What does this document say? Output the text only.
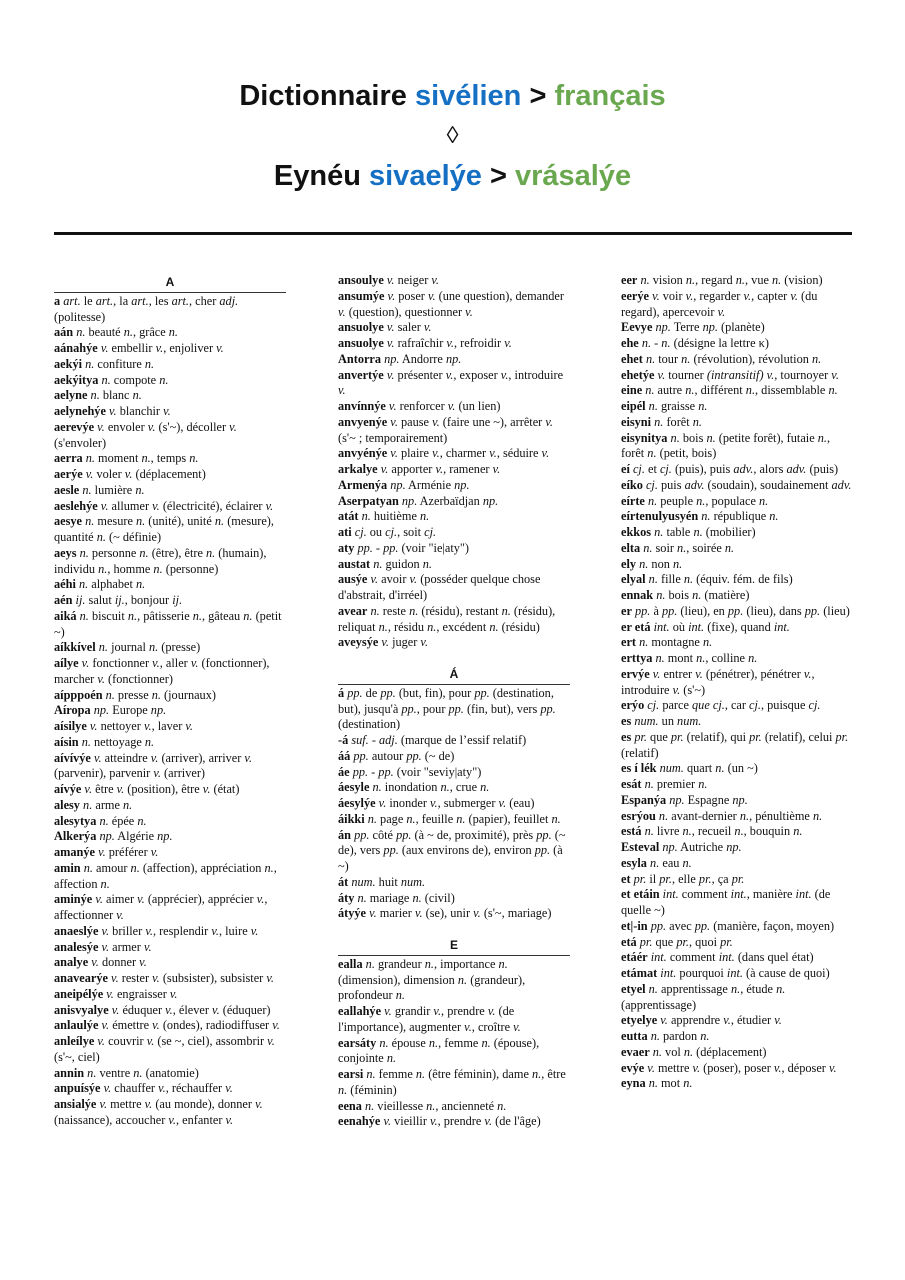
Dictionnaire sivélien > français
◊
Eynéu sivaelýe > vrásalýe
A
a art. le art., la art., les art., cher adj. (politesse)
aán n. beauté n., grâce n.
aánahýe v. embellir v., enjoliver v.
aekýi n. confiture n.
aekýitya n. compote n.
aelyne n. blanc n.
aelynehýe v. blanchir v.
aerevýe v. envoler v. (s'~), décoller v. (s'envoler)
aerra n. moment n., temps n.
aerýe v. voler v. (déplacement)
aesle n. lumière n.
aeslehýe v. allumer v. (électricité), éclairer v.
aesye n. mesure n. (unité), unité n. (mesure), quantité n. (~ définie)
aeys n. personne n. (être), être n. (humain), individu n., homme n. (personne)
aéhi n. alphabet n.
aén ij. salut ij., bonjour ij.
aiká n. biscuit n., pâtisserie n., gâteau n. (petit ~)
aíkkível n. journal n. (presse)
aílye v. fonctionner v., aller v. (fonctionner), marcher v. (fonctionner)
aípppoén n. presse n. (journaux)
Aíropa np. Europe np.
aísilye v. nettoyer v., laver v.
aísin n. nettoyage n.
aívívýe v. atteindre v. (arriver), arriver v. (parvenir), parvenir v. (arriver)
aívýe v. être v. (position), être v. (état)
alesy n. arme n.
alesytya n. épée n.
Alkerýa np. Algérie np.
amanýe v. préférer v.
amin n. amour n. (affection), appréciation n., affection n.
aminýe v. aimer v. (apprécier), apprécier v., affectionner v.
anaeslýe v. briller v., resplendir v., luire v.
analesýe v. armer v.
analye v. donner v.
anavearýe v. rester v. (subsister), subsister v.
aneipélýe v. engraisser v.
anisvyalye v. éduquer v., élever v. (éduquer)
anlaulýe v. émettre v. (ondes), radiodiffuser v.
anleílye v. couvrir v. (se ~, ciel), assombrir v. (s'~, ciel)
annin n. ventre n. (anatomie)
anpuísýe v. chauffer v., réchauffer v.
ansialýe v. mettre v. (au monde), donner v. (naissance), accoucher v., enfanter v.
ansoulye v. neiger v.
ansumýe v. poser v. (une question), demander v. (question), questionner v.
ansuolye v. saler v.
ansuolye v. rafraîchir v., refroidir v.
Antorra np. Andorre np.
anvertýe v. présenter v., exposer v., introduire v.
anvínnýe v. renforcer v. (un lien)
anvyenýe v. pause v. (faire une ~), arrêter v. (s'~ ; temporairement)
anvyénýe v. plaire v., charmer v., séduire v.
arkalye v. apporter v., ramener v.
Armenýa np. Arménie np.
Aserpatyan np. Azerbaïdjan np.
atát n. huitième n.
ati cj. ou cj., soit cj.
aty pp. - pp. (voir "ie|aty")
austat n. guidon n.
ausýe v. avoir v. (posséder quelque chose d'abstrait, d'irréel)
avear n. reste n. (résidu), restant n. (résidu), reliquat n., résidu n., excédent n. (résidu)
aveysýe v. juger v.
Á
á pp. de pp. (but, fin), pour pp. (destination, but), jusqu'à pp., pour pp. (fin, but), vers pp. (destination)
-á suf. - adj. (marque de l’essif relatif)
áá pp. autour pp. (~ de)
áe pp. - pp. (voir "seviy|aty")
áesyle n. inondation n., crue n.
áesylýe v. inonder v., submerger v. (eau)
áikki n. page n., feuille n. (papier), feuillet n.
án pp. côté pp. (à ~ de, proximité), près pp. (~ de), vers pp. (aux environs de), environ pp. (à ~)
át num. huit num.
áty n. mariage n. (civil)
átyýe v. marier v. (se), unir v. (s'~, mariage)
E
ealla n. grandeur n., importance n. (dimension), dimension n. (grandeur), profondeur n.
eallahýe v. grandir v., prendre v. (de l'importance), augmenter v., croître v.
earsáty n. épouse n., femme n. (épouse), conjointe n.
earsi n. femme n. (être féminin), dame n., être n. (féminin)
eena n. vieillesse n., ancienneté n.
eenahýe v. vieillir v., prendre v. (de l'âge)
eer n. vision n., regard n., vue n. (vision)
eerýe v. voir v., regarder v., capter v. (du regard), apercevoir v.
Eevye np. Terre np. (planète)
ehe n. - n. (désigne la lettre κ)
ehet n. tour n. (révolution), révolution n.
ehetýe v. tourner (intransitif) v., tournoyer v.
eine n. autre n., différent n., dissemblable n.
eipél n. graisse n.
eisyni n. forêt n.
eisynitya n. bois n. (petite forêt), futaie n., forêt n. (petit, bois)
eí cj. et cj. (puis), puis adv., alors adv. (puis)
eíko cj. puis adv. (soudain), soudainement adv.
eírte n. peuple n., populace n.
eírtenulyusyén n. république n.
ekkos n. table n. (mobilier)
elta n. soir n., soirée n.
ely n. non n.
elyal n. fille n. (équiv. fém. de fils)
ennak n. bois n. (matière)
er pp. à pp. (lieu), en pp. (lieu), dans pp. (lieu)
er etá int. où int. (fixe), quand int.
ert n. montagne n.
erttya n. mont n., colline n.
ervýe v. entrer v. (pénétrer), pénétrer v., introduire v. (s'~)
erýo cj. parce que cj., car cj., puisque cj.
es num. un num.
es pr. que pr. (relatif), qui pr. (relatif), celui pr. (relatif)
es í lék num. quart n. (un ~)
esát n. premier n.
Espanýa np. Espagne np.
esrýou n. avant-dernier n., pénultième n.
está n. livre n., recueil n., bouquin n.
Esteval np. Autriche np.
esyla n. eau n.
et pr. il pr., elle pr., ça pr.
et etáin int. comment int., manière int. (de quelle ~)
et|-in pp. avec pp. (manière, façon, moyen)
etá pr. que pr., quoi pr.
etáér int. comment int. (dans quel état)
etámat int. pourquoi int. (à cause de quoi)
etyel n. apprentissage n., étude n. (apprentissage)
etyelye v. apprendre v., étudier v.
eutta n. pardon n.
evaer n. vol n. (déplacement)
evýe v. mettre v. (poser), poser v., déposer v.
eyna n. mot n.
